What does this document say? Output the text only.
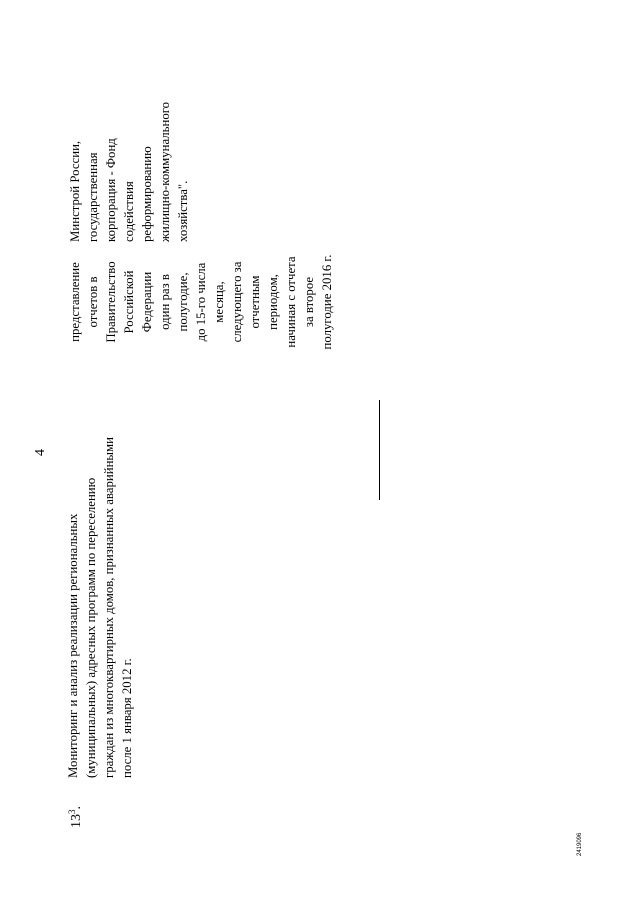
4
$13^3$.
Мониторинг и анализ реализации региональных (муниципальных) адресных программ по переселению граждан из многоквартирных домов, признанных аварийными после 1 января 2012 г.
представление отчетов в Правительство Российской Федерации один раз в полугодие, до 15-го числа месяца, следующего за отчетным периодом, начиная с отчета за второе полугодие 2016 г.
Минстрой России, государственная корпорация - Фонд содействия реформированию жилищно-коммунального хозяйства".
2419096
